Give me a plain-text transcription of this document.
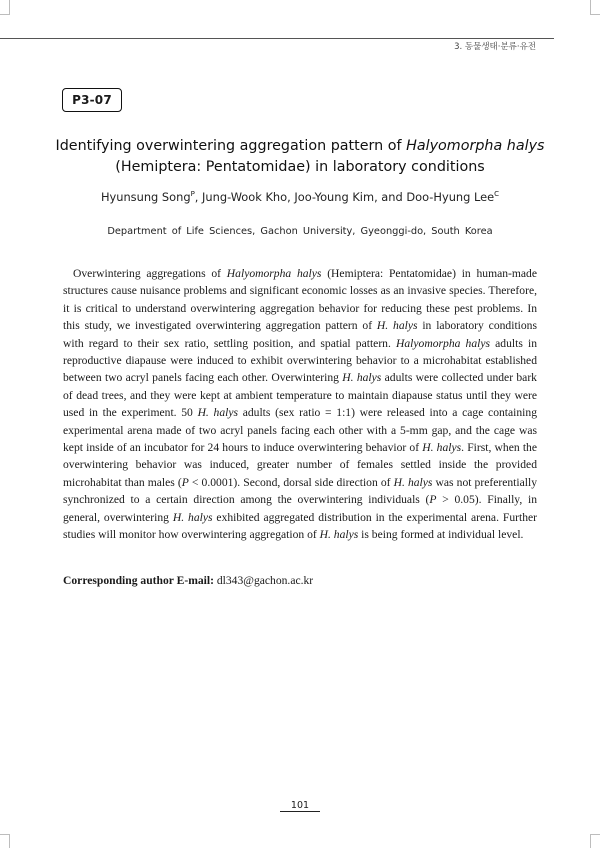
3. 동물생태·분류·유전
P3-07
Identifying overwintering aggregation pattern of Halyomorpha halys
(Hemiptera: Pentatomidae) in laboratory conditions
Hyunsung Song$^P$, Jung-Wook Kho, Joo-Young Kim, and Doo-Hyung Lee$^C$
Department of Life Sciences, Gachon University, Gyeonggi-do, South Korea

Overwintering aggregations of Halyomorpha halys (Hemiptera: Pentatomidae) in human-made structures cause nuisance problems and significant economic losses as an invasive species. Therefore, it is critical to understand overwintering aggregation behavior for reducing these pest problems. In this study, we investigated overwintering aggregation pattern of H. halys in laboratory conditions with regard to their sex ratio, settling position, and spatial pattern. Halyomorpha halys adults in reproductive diapause were induced to exhibit overwintering behavior to a microhabitat established between two acryl panels facing each other. Overwintering H. halys adults were collected under bark of dead trees, and they were kept at ambient temperature to maintain diapause status until they were used in the experiment. 50 H. halys adults (sex ratio = 1:1) were released into a cage containing experimental arena made of two acryl panels facing each other with a 5-mm gap, and the cage was kept inside of an incubator for 24 hours to induce overwintering behavior of H. halys. First, when the overwintering behavior was induced, greater number of females settled inside the provided microhabitat than males (P < 0.0001). Second, dorsal side direction of H. halys was not preferentially synchronized to a certain direction among the overwintering individuals (P > 0.05). Finally, in general, overwintering H. halys exhibited aggregated distribution in the experimental arena. Further studies will monitor how overwintering aggregation of H. halys is being formed at individual level.

Corresponding author E-mail: dl343@gachon.ac.kr
101
